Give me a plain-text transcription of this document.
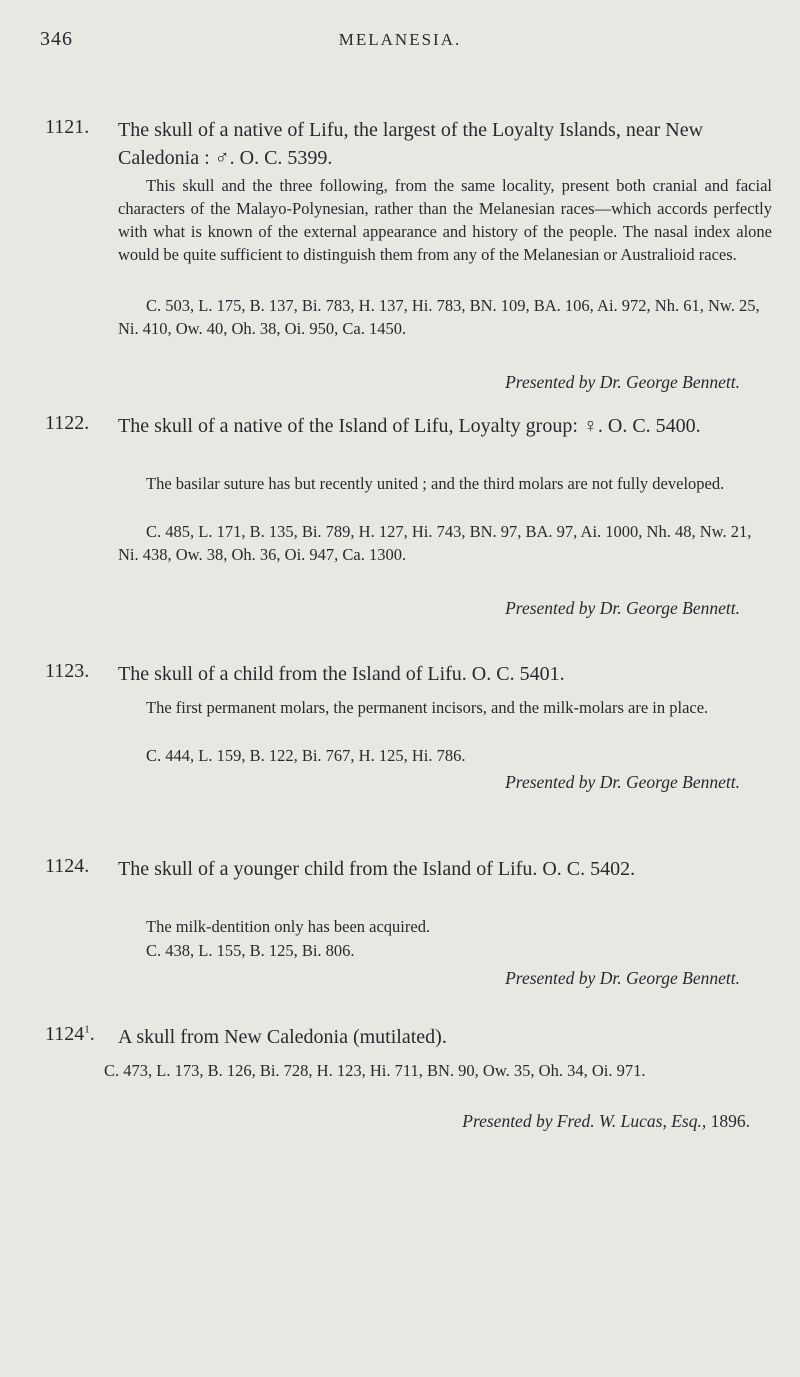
346	MELANESIA.
1121. The skull of a native of Lifu, the largest of the Loyalty Islands, near New Caledonia : ♂. O. C. 5399.
This skull and the three following, from the same locality, present both cranial and facial characters of the Malayo-Polynesian, rather than the Melanesian races—which accords perfectly with what is known of the external appearance and history of the people. The nasal index alone would be quite sufficient to distinguish them from any of the Melanesian or Australioid races.
C. 503, L. 175, B. 137, Bi. 783, H. 137, Hi. 783, BN. 109, BA. 106, Ai. 972, Nh. 61, Nw. 25, Ni. 410, Ow. 40, Oh. 38, Oi. 950, Ca. 1450.
Presented by Dr. George Bennett.
1122. The skull of a native of the Island of Lifu, Loyalty group: ♀. O. C. 5400.
The basilar suture has but recently united ; and the third molars are not fully developed.
C. 485, L. 171, B. 135, Bi. 789, H. 127, Hi. 743, BN. 97, BA. 97, Ai. 1000, Nh. 48, Nw. 21, Ni. 438, Ow. 38, Oh. 36, Oi. 947, Ca. 1300.
Presented by Dr. George Bennett.
1123. The skull of a child from the Island of Lifu. O. C. 5401.
The first permanent molars, the permanent incisors, and the milk-molars are in place.
C. 444, L. 159, B. 122, Bi. 767, H. 125, Hi. 786.
Presented by Dr. George Bennett.
1124. The skull of a younger child from the Island of Lifu. O. C. 5402.
The milk-dentition only has been acquired.
C. 438, L. 155, B. 125, Bi. 806.
Presented by Dr. George Bennett.
1124$^1$. A skull from New Caledonia (mutilated).
C. 473, L. 173, B. 126, Bi. 728, H. 123, Hi. 711, BN. 90, Ow. 35, Oh. 34, Oi. 971.
Presented by Fred. W. Lucas, Esq., 1896.
